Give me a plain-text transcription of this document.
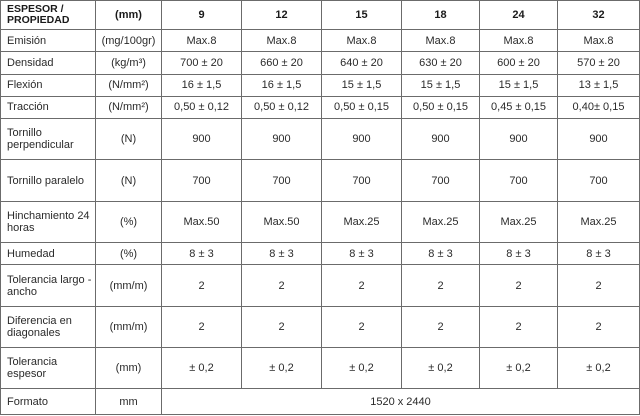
ESPESOR / PROPIEDAD	(mm)	9	12	15	18	24	32
Emisión	(mg/100gr)	Max.8	Max.8	Max.8	Max.8	Max.8	Max.8
Densidad	(kg/m³)	700 ± 20	660 ± 20	640 ± 20	630 ± 20	600 ± 20	570 ± 20
Flexión	(N/mm²)	16 ± 1,5	16 ± 1,5	15 ± 1,5	15 ± 1,5	15 ± 1,5	13 ± 1,5
Tracción	(N/mm²)	0,50 ± 0,12	0,50 ± 0,12	0,50 ± 0,15	0,50 ± 0,15	0,45 ± 0,15	0,40± 0,15
Tornillo perpendicular	(N)	900	900	900	900	900	900
Tornillo paralelo	(N)	700	700	700	700	700	700
Hinchamiento 24 horas	(%)	Max.50	Max.50	Max.25	Max.25	Max.25	Max.25
Humedad	(%)	8 ± 3	8 ± 3	8 ± 3	8 ± 3	8 ± 3	8 ± 3
Tolerancia largo - ancho	(mm/m)	2	2	2	2	2	2
Diferencia en diagonales	(mm/m)	2	2	2	2	2	2
Tolerancia espesor	(mm)	± 0,2	± 0,2	± 0,2	± 0,2	± 0,2	± 0,2
Formato	mm	1520 x 2440					
